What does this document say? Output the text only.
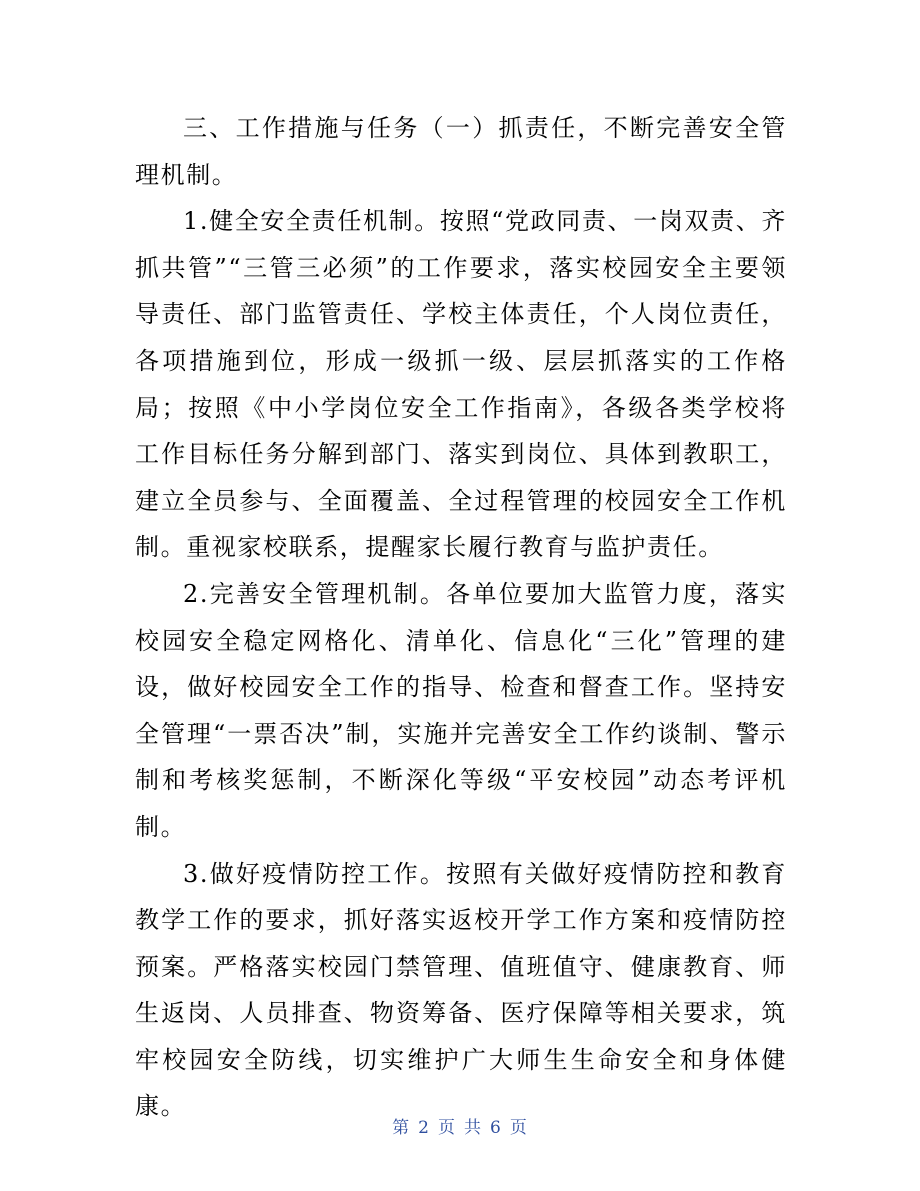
三、工作措施与任务（一）抓责任，不断完善安全管理机制。

1.健全安全责任机制。按照“党政同责、一岗双责、齐抓共管”“三管三必须”的工作要求，落实校园安全主要领导责任、部门监管责任、学校主体责任，个人岗位责任，各项措施到位，形成一级抓一级、层层抓落实的工作格局；按照《中小学岗位安全工作指南》，各级各类学校将工作目标任务分解到部门、落实到岗位、具体到教职工，建立全员参与、全面覆盖、全过程管理的校园安全工作机制。重视家校联系，提醒家长履行教育与监护责任。

2.完善安全管理机制。各单位要加大监管力度，落实校园安全稳定网格化、清单化、信息化“三化”管理的建设，做好校园安全工作的指导、检查和督查工作。坚持安全管理“一票否决”制，实施并完善安全工作约谈制、警示制和考核奖惩制，不断深化等级“平安校园”动态考评机制。

3.做好疫情防控工作。按照有关做好疫情防控和教育教学工作的要求，抓好落实返校开学工作方案和疫情防控预案。严格落实校园门禁管理、值班值守、健康教育、师生返岗、人员排查、物资筹备、医疗保障等相关要求，筑牢校园安全防线，切实维护广大师生生命安全和身体健康。

第 2 页 共 6 页
